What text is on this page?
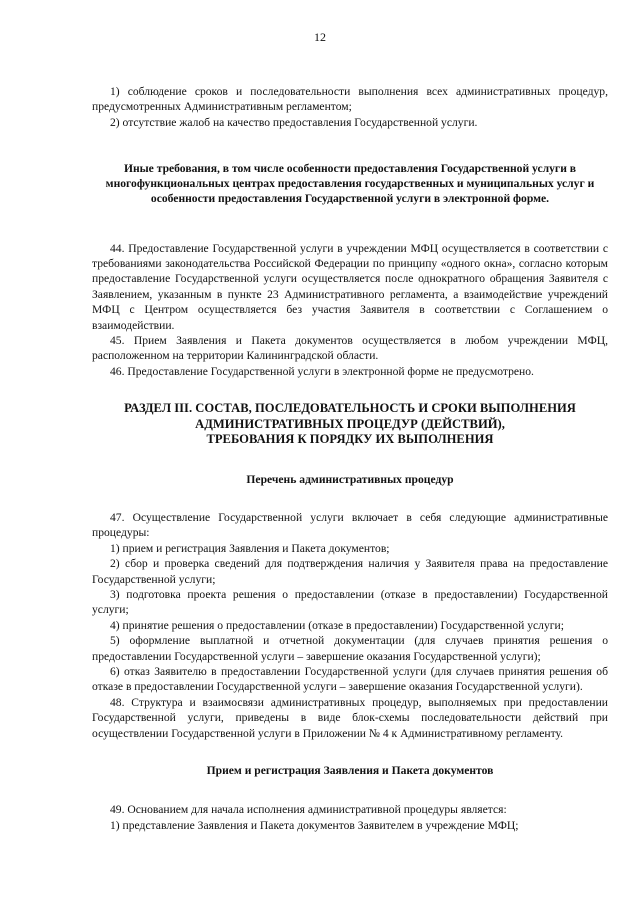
12

1) соблюдение сроков и последовательности выполнения всех административных процедур, предусмотренных Административным регламентом;

2) отсутствие жалоб на качество предоставления Государственной услуги.

Иные требования, в том числе особенности предоставления Государственной услуги в многофункциональных центрах предоставления государственных и муниципальных услуг и особенности предоставления Государственной услуги в электронной форме.

44. Предоставление Государственной услуги в учреждении МФЦ осуществляется в соответствии с требованиями законодательства Российской Федерации по принципу «одного окна», согласно которым предоставление Государственной услуги осуществляется после однократного обращения Заявителя с Заявлением, указанным в пункте 23 Административного регламента, а взаимодействие учреждений МФЦ с Центром осуществляется без участия Заявителя в соответствии с Соглашением о взаимодействии.

45. Прием Заявления и Пакета документов осуществляется в любом учреждении МФЦ, расположенном на территории Калининградской области.

46. Предоставление Государственной услуги в электронной форме не предусмотрено.

РАЗДЕЛ III. СОСТАВ, ПОСЛЕДОВАТЕЛЬНОСТЬ И СРОКИ ВЫПОЛНЕНИЯ
АДМИНИСТРАТИВНЫХ ПРОЦЕДУР (ДЕЙСТВИЙ),
ТРЕБОВАНИЯ К ПОРЯДКУ ИХ ВЫПОЛНЕНИЯ
Перечень административных процедур

47. Осуществление Государственной услуги включает в себя следующие административные процедуры:

1) прием и регистрация Заявления и Пакета документов;

2) сбор и проверка сведений для подтверждения наличия у Заявителя права на предоставление Государственной услуги;

3) подготовка проекта решения о предоставлении (отказе в предоставлении) Государственной услуги;

4) принятие решения о предоставлении (отказе в предоставлении) Государственной услуги;

5) оформление выплатной и отчетной документации (для случаев принятия решения о предоставлении Государственной услуги – завершение оказания Государственной услуги);

6) отказ Заявителю в предоставлении Государственной услуги (для случаев принятия решения об отказе в предоставлении Государственной услуги – завершение оказания Государственной услуги).

48. Структура и взаимосвязи административных процедур, выполняемых при предоставлении Государственной услуги, приведены в виде блок-схемы последовательности действий при осуществлении Государственной услуги в Приложении № 4 к Административному регламенту.

Прием и регистрация Заявления и Пакета документов

49. Основанием для начала исполнения административной процедуры является:

1) представление Заявления и Пакета документов Заявителем в учреждение МФЦ;
